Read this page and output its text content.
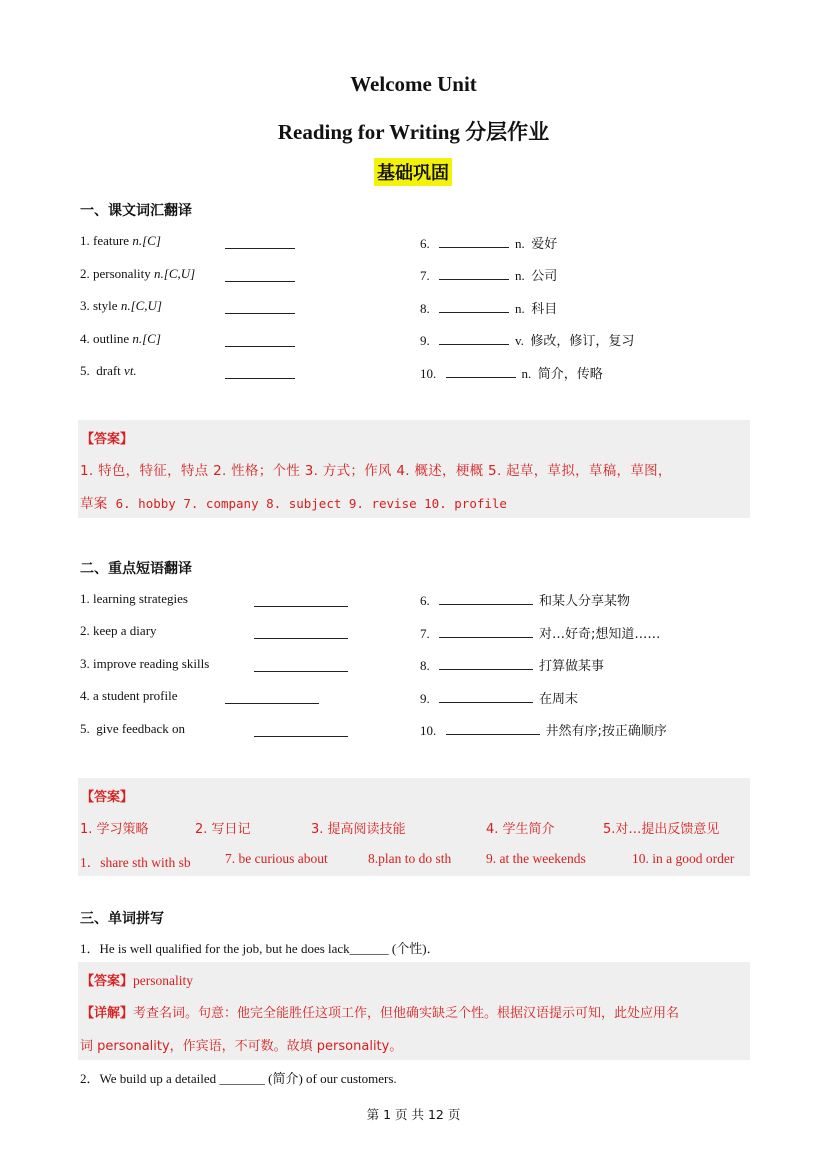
Welcome Unit
Reading for Writing 分层作业
基础巩固
一、课文词汇翻译
1. feature n.[C]
2. personality n.[C,U]
3. style n.[C,U]
4. outline n.[C]
5. draft vt.
6.	n. 爱好
7.	n. 公司
8.	n. 科目
9.	v. 修改，修订，复习
10.	n. 简介，传略
【答案】
1. 特色，特征，特点 2. 性格；个性 3. 方式；作风 4. 概述，梗概 5. 起草，草拟，草稿，草图，
草案 6. hobby 7. company 8. subject 9. revise 10. profile
二、重点短语翻译
1. learning strategies
2. keep a diary
3. improve reading skills
4. a student profile
5. give feedback on
6.	和某人分享某物
7.	对…好奇;想知道……
8.	打算做某事
9.	在周末
10.	井然有序;按正确顺序
【答案】
1. 学习策略	2. 写日记	3. 提高阅读技能	4. 学生简介	5.对…提出反馈意见
1．share sth with sb	7. be curious about	8.plan to do sth	9. at the weekends	10. in a good order
三、单词拼写
1．He is well qualified for the job, but he does lack______ (个性)．
【答案】personality
【详解】考查名词。句意：他完全能胜任这项工作，但他确实缺乏个性。根据汉语提示可知，此处应用名
词 personality，作宾语，不可数。故填 personality。
2．We build up a detailed _______ (简介) of our customers.
第 1 页 共 12 页
